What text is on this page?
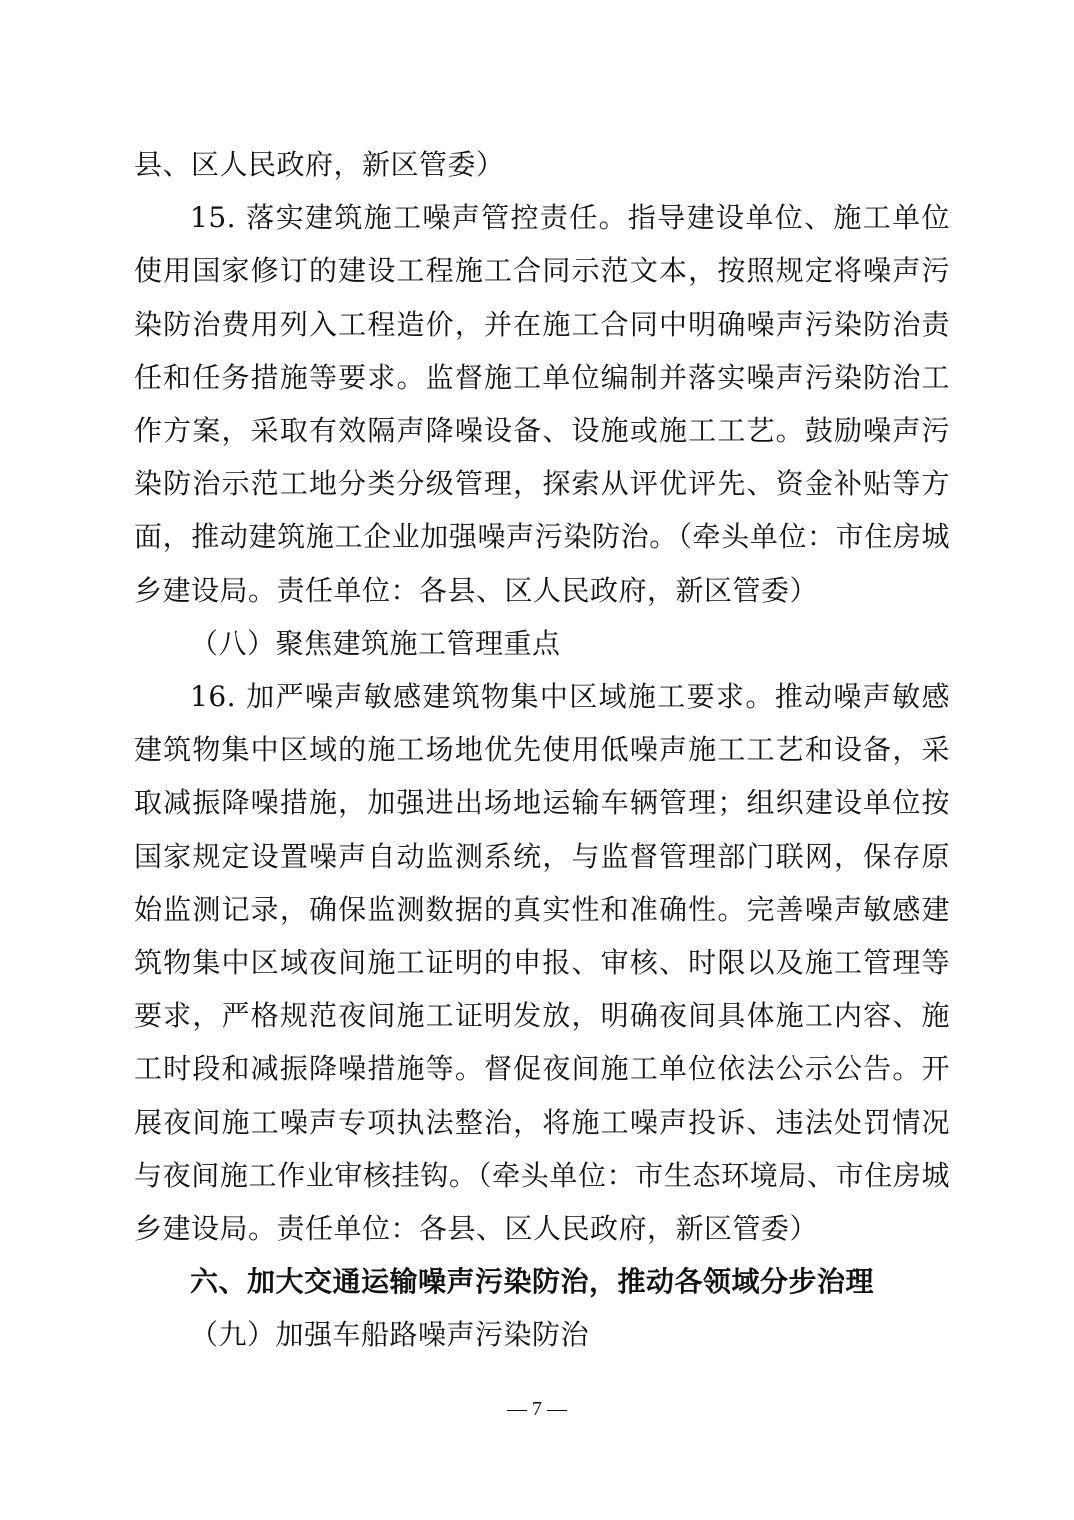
县、区人民政府，新区管委）

15. 落实建筑施工噪声管控责任。指导建设单位、施工单位使用国家修订的建设工程施工合同示范文本，按照规定将噪声污染防治费用列入工程造价，并在施工合同中明确噪声污染防治责任和任务措施等要求。监督施工单位编制并落实噪声污染防治工作方案，采取有效隔声降噪设备、设施或施工工艺。鼓励噪声污染防治示范工地分类分级管理，探索从评优评先、资金补贴等方面，推动建筑施工企业加强噪声污染防治。（牵头单位：市住房城乡建设局。责任单位：各县、区人民政府，新区管委）

（八）聚焦建筑施工管理重点

16. 加严噪声敏感建筑物集中区域施工要求。推动噪声敏感建筑物集中区域的施工场地优先使用低噪声施工工艺和设备，采取减振降噪措施，加强进出场地运输车辆管理；组织建设单位按国家规定设置噪声自动监测系统，与监督管理部门联网，保存原始监测记录，确保监测数据的真实性和准确性。完善噪声敏感建筑物集中区域夜间施工证明的申报、审核、时限以及施工管理等要求，严格规范夜间施工证明发放，明确夜间具体施工内容、施工时段和减振降噪措施等。督促夜间施工单位依法公示公告。开展夜间施工噪声专项执法整治，将施工噪声投诉、违法处罚情况与夜间施工作业审核挂钩。（牵头单位：市生态环境局、市住房城乡建设局。责任单位：各县、区人民政府，新区管委）

六、加大交通运输噪声污染防治，推动各领域分步治理

（九）加强车船路噪声污染防治

— 7 —
